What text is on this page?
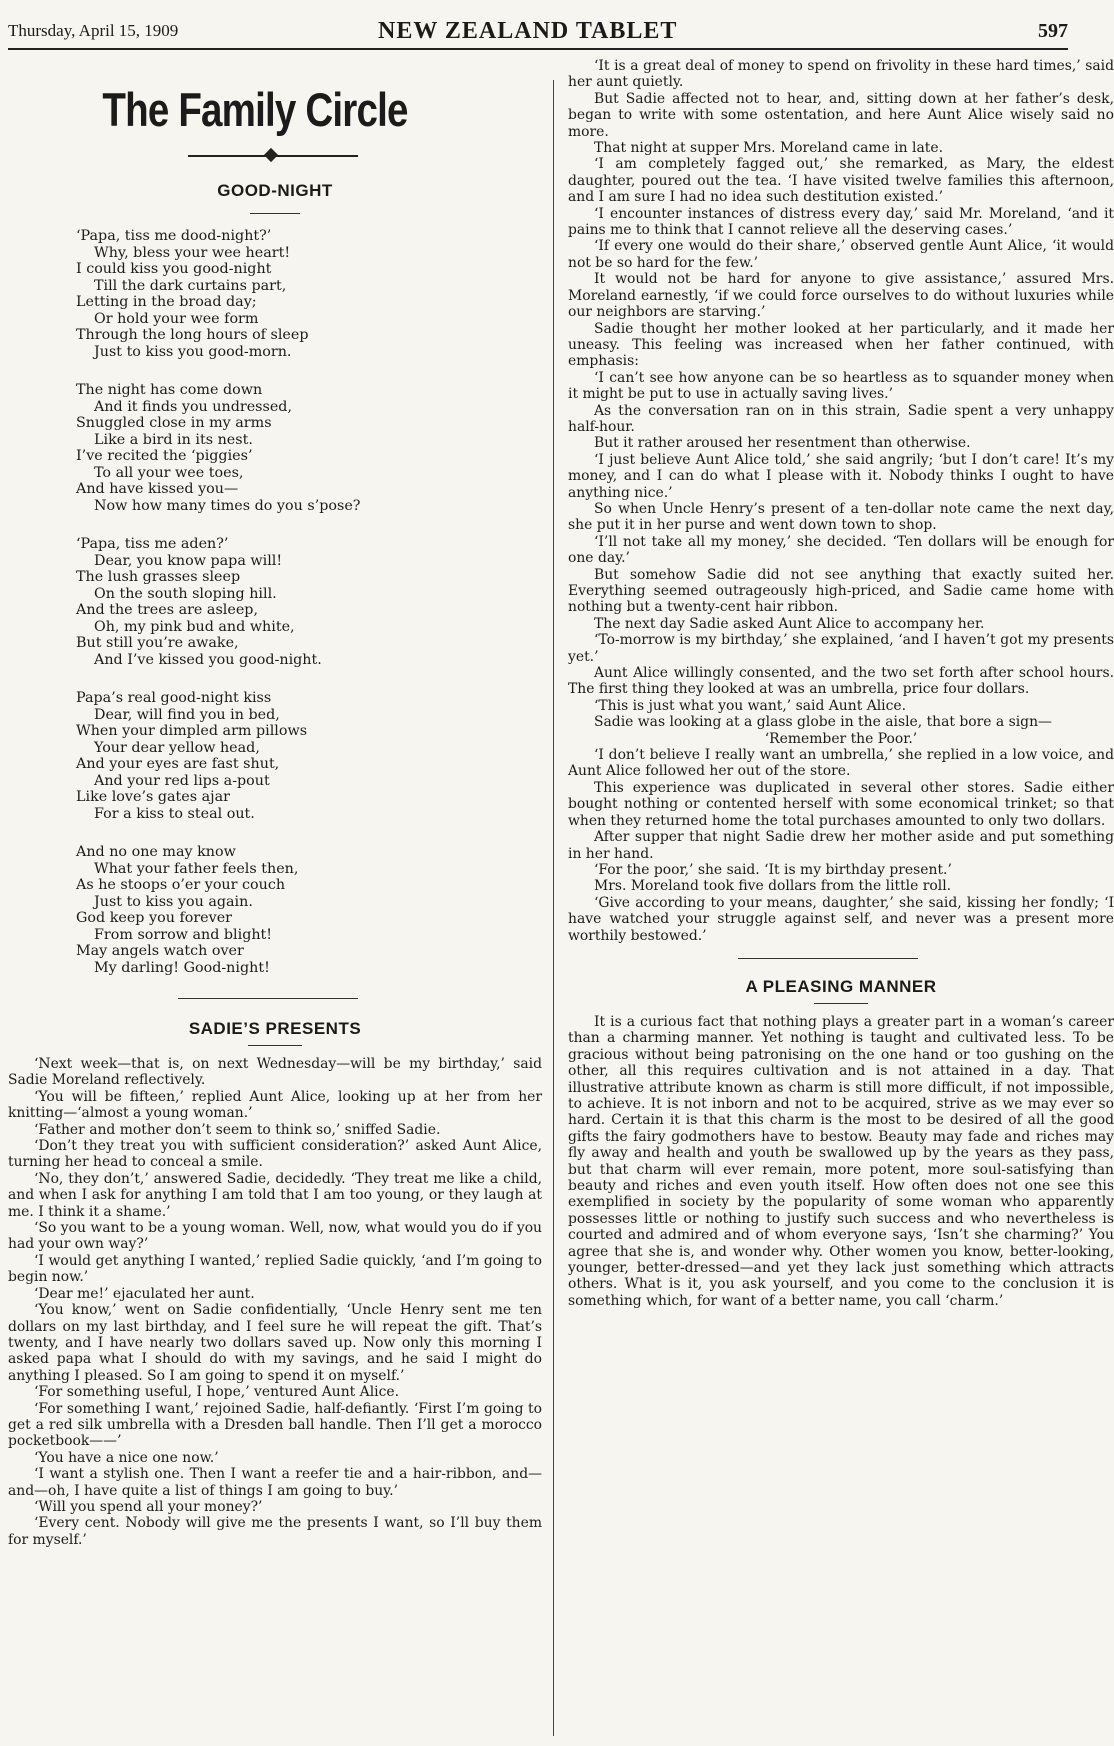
Thursday, April 15, 1909	NEW ZEALAND TABLET	597
The Family Circle
GOOD-NIGHT
‘Papa, tiss me dood-night?’
Why, bless your wee heart!
I could kiss you good-night
Till the dark curtains part,
Letting in the broad day;
Or hold your wee form
Through the long hours of sleep
Just to kiss you good-morn.
The night has come down
And it finds you undressed,
Snuggled close in my arms
Like a bird in its nest.
I’ve recited the ‘piggies’
To all your wee toes,
And have kissed you—
Now how many times do you s’pose?
‘Papa, tiss me aden?’
Dear, you know papa will!
The lush grasses sleep
On the south sloping hill.
And the trees are asleep,
Oh, my pink bud and white,
But still you’re awake,
And I’ve kissed you good-night.
Papa’s real good-night kiss
Dear, will find you in bed,
When your dimpled arm pillows
Your dear yellow head,
And your eyes are fast shut,
And your red lips a-pout
Like love’s gates ajar
For a kiss to steal out.
And no one may know
What your father feels then,
As he stoops o’er your couch
Just to kiss you again.
God keep you forever
From sorrow and blight!
May angels watch over
My darling! Good-night!
SADIE’S PRESENTS

‘Next week—that is, on next Wednesday—will be my birthday,’ said Sadie Moreland reflectively.

‘You will be fifteen,’ replied Aunt Alice, looking up at her from her knitting—‘almost a young woman.’

‘Father and mother don’t seem to think so,’ sniffed Sadie.

‘Don’t they treat you with sufficient consideration?’ asked Aunt Alice, turning her head to conceal a smile.

‘No, they don’t,’ answered Sadie, decidedly. ‘They treat me like a child, and when I ask for anything I am told that I am too young, or they laugh at me. I think it a shame.’

‘So you want to be a young woman. Well, now, what would you do if you had your own way?’

‘I would get anything I wanted,’ replied Sadie quickly, ‘and I’m going to begin now.’

‘Dear me!’ ejaculated her aunt.

‘You know,’ went on Sadie confidentially, ‘Uncle Henry sent me ten dollars on my last birthday, and I feel sure he will repeat the gift. That’s twenty, and I have nearly two dollars saved up. Now only this morning I asked papa what I should do with my savings, and he said I might do anything I pleased. So I am going to spend it on myself.’

‘For something useful, I hope,’ ventured Aunt Alice.

‘For something I want,’ rejoined Sadie, half-defiantly. ‘First I’m going to get a red silk umbrella with a Dresden ball handle. Then I’ll get a morocco pocketbook——’

‘You have a nice one now.’

‘I want a stylish one. Then I want a reefer tie and a hair-ribbon, and—and—oh, I have quite a list of things I am going to buy.’

‘Will you spend all your money?’

‘Every cent. Nobody will give me the presents I want, so I’ll buy them for myself.’

‘It is a great deal of money to spend on frivolity in these hard times,’ said her aunt quietly.

But Sadie affected not to hear, and, sitting down at her father’s desk, began to write with some ostentation, and here Aunt Alice wisely said no more.

That night at supper Mrs. Moreland came in late.

‘I am completely fagged out,’ she remarked, as Mary, the eldest daughter, poured out the tea. ‘I have visited twelve families this afternoon, and I am sure I had no idea such destitution existed.’

‘I encounter instances of distress every day,’ said Mr. Moreland, ‘and it pains me to think that I cannot relieve all the deserving cases.’

‘If every one would do their share,’ observed gentle Aunt Alice, ‘it would not be so hard for the few.’

It would not be hard for anyone to give assistance,’ assured Mrs. Moreland earnestly, ‘if we could force ourselves to do without luxuries while our neighbors are starving.’

Sadie thought her mother looked at her particularly, and it made her uneasy. This feeling was increased when her father continued, with emphasis:

‘I can’t see how anyone can be so heartless as to squander money when it might be put to use in actually saving lives.’

As the conversation ran on in this strain, Sadie spent a very unhappy half-hour.

But it rather aroused her resentment than otherwise.

‘I just believe Aunt Alice told,’ she said angrily; ‘but I don’t care! It’s my money, and I can do what I please with it. Nobody thinks I ought to have anything nice.’

So when Uncle Henry’s present of a ten-dollar note came the next day, she put it in her purse and went down town to shop.

‘I’ll not take all my money,’ she decided. ‘Ten dollars will be enough for one day.’

But somehow Sadie did not see anything that exactly suited her. Everything seemed outrageously high-priced, and Sadie came home with nothing but a twenty-cent hair ribbon.

The next day Sadie asked Aunt Alice to accompany her.

‘To-morrow is my birthday,’ she explained, ‘and I haven’t got my presents yet.’

Aunt Alice willingly consented, and the two set forth after school hours. The first thing they looked at was an umbrella, price four dollars.

‘This is just what you want,’ said Aunt Alice.

Sadie was looking at a glass globe in the aisle, that bore a sign—

‘Remember the Poor.’

‘I don’t believe I really want an umbrella,’ she replied in a low voice, and Aunt Alice followed her out of the store.

This experience was duplicated in several other stores. Sadie either bought nothing or contented herself with some economical trinket; so that when they returned home the total purchases amounted to only two dollars.

After supper that night Sadie drew her mother aside and put something in her hand.

‘For the poor,’ she said. ‘It is my birthday present.’

Mrs. Moreland took five dollars from the little roll.

‘Give according to your means, daughter,’ she said, kissing her fondly; ‘I have watched your struggle against self, and never was a present more worthily bestowed.’

A PLEASING MANNER

It is a curious fact that nothing plays a greater part in a woman’s career than a charming manner. Yet nothing is taught and cultivated less. To be gracious without being patronising on the one hand or too gushing on the other, all this requires cultivation and is not attained in a day. That illustrative attribute known as charm is still more difficult, if not impossible, to achieve. It is not inborn and not to be acquired, strive as we may ever so hard. Certain it is that this charm is the most to be desired of all the good gifts the fairy godmothers have to bestow. Beauty may fade and riches may fly away and health and youth be swallowed up by the years as they pass, but that charm will ever remain, more potent, more soul-satisfying than beauty and riches and even youth itself. How often does not one see this exemplified in society by the popularity of some woman who apparently possesses little or nothing to justify such success and who nevertheless is courted and admired and of whom everyone says, ‘Isn’t she charming?’ You agree that she is, and wonder why. Other women you know, better-looking, younger, better-dressed—and yet they lack just something which attracts others. What is it, you ask yourself, and you come to the conclusion it is something which, for want of a better name, you call ‘charm.’
